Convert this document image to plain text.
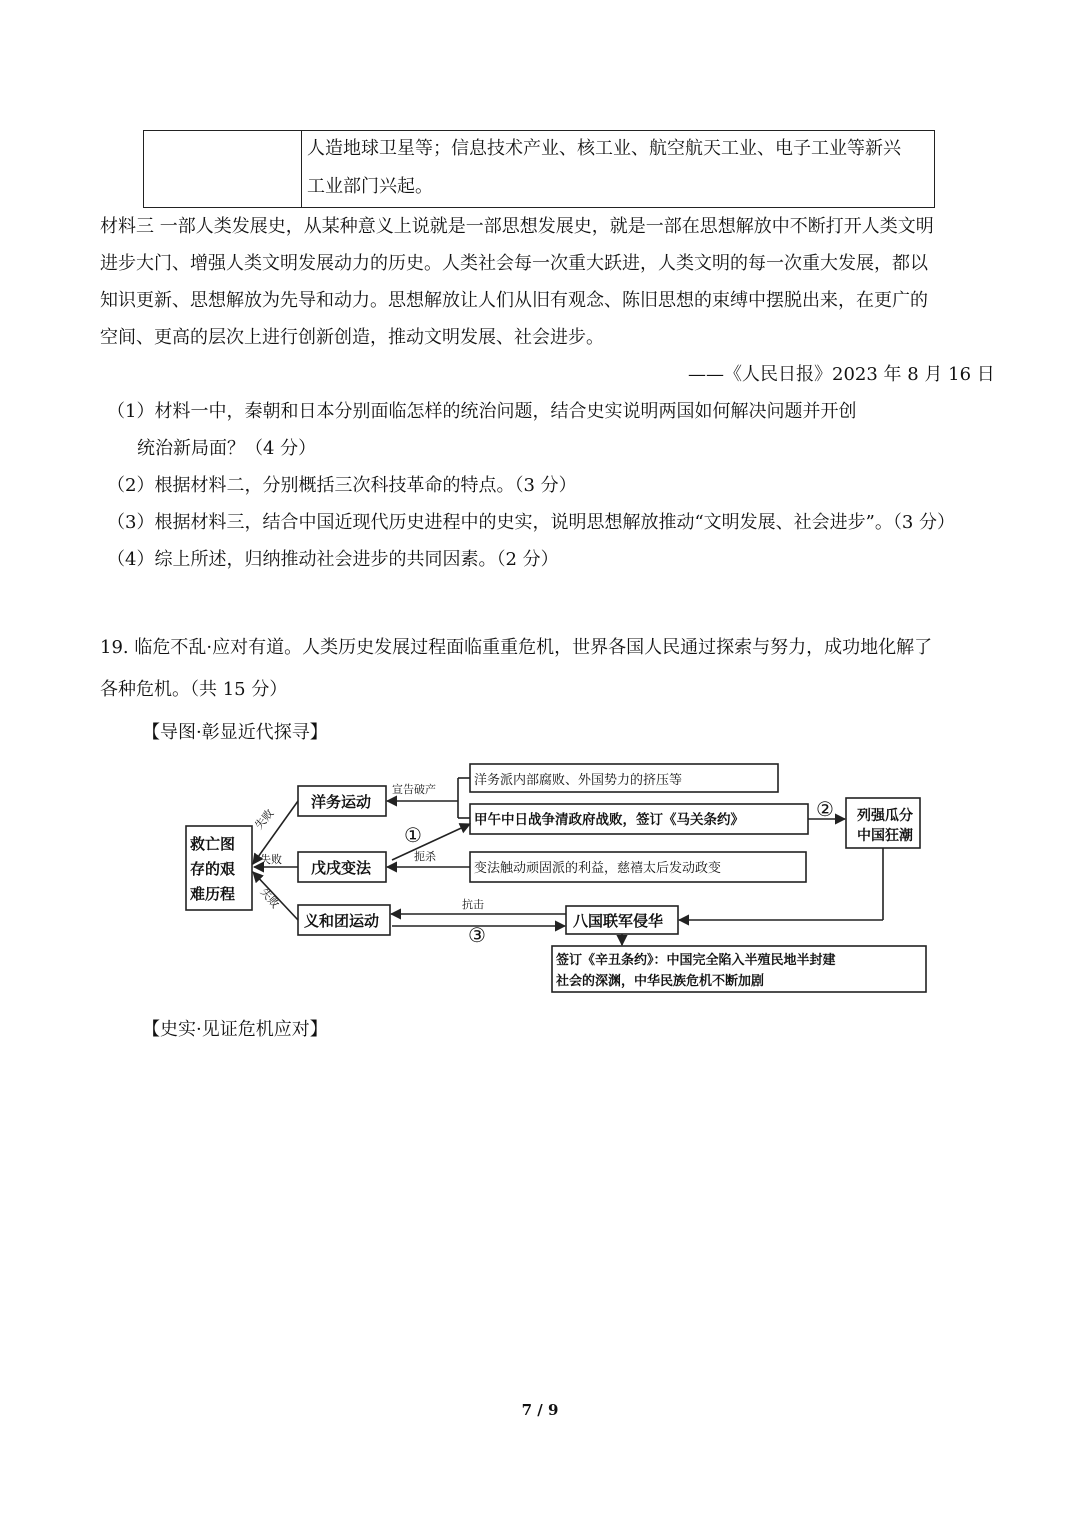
人造地球卫星等；信息技术产业、核工业、航空航天工业、电子工业等新兴
工业部门兴起。
材料三 一部人类发展史，从某种意义上说就是一部思想发展史，就是一部在思想解放中不断打开人类文明
进步大门、增强人类文明发展动力的历史。人类社会每一次重大跃进，人类文明的每一次重大发展，都以
知识更新、思想解放为先导和动力。思想解放让人们从旧有观念、陈旧思想的束缚中摆脱出来，在更广的
空间、更高的层次上进行创新创造，推动文明发展、社会进步。
——《人民日报》2023 年 8 月 16 日
（1）材料一中，秦朝和日本分别面临怎样的统治问题，结合史实说明两国如何解决问题并开创
统治新局面？（4 分）
（2）根据材料二，分别概括三次科技革命的特点。（3 分）
（3）根据材料三，结合中国近现代历史进程中的史实，说明思想解放推动“文明发展、社会进步”。（3 分）
（4）综上所述，归纳推动社会进步的共同因素。（2 分）
19. 临危不乱·应对有道。人类历史发展过程面临重重危机，世界各国人民通过探索与努力，成功地化解了
各种危机。（共 15 分）
【导图·彰显近代探寻】
救亡图
存的艰
难历程
洋务运动
戊戌变法
义和团运动
列强瓜分
中国狂潮
八国联军侵华
洋务派内部腐败、外国势力的挤压等
甲午中日战争清政府战败，签订《马关条约》
变法触动顽固派的利益，慈禧太后发动政变
签订《辛丑条约》：中国完全陷入半殖民地半封建
社会的深渊，中华民族危机不断加剧
宣告破产
扼杀
抗击
失败
失败
失败
①
②
③
【史实·见证危机应对】
7 / 9
